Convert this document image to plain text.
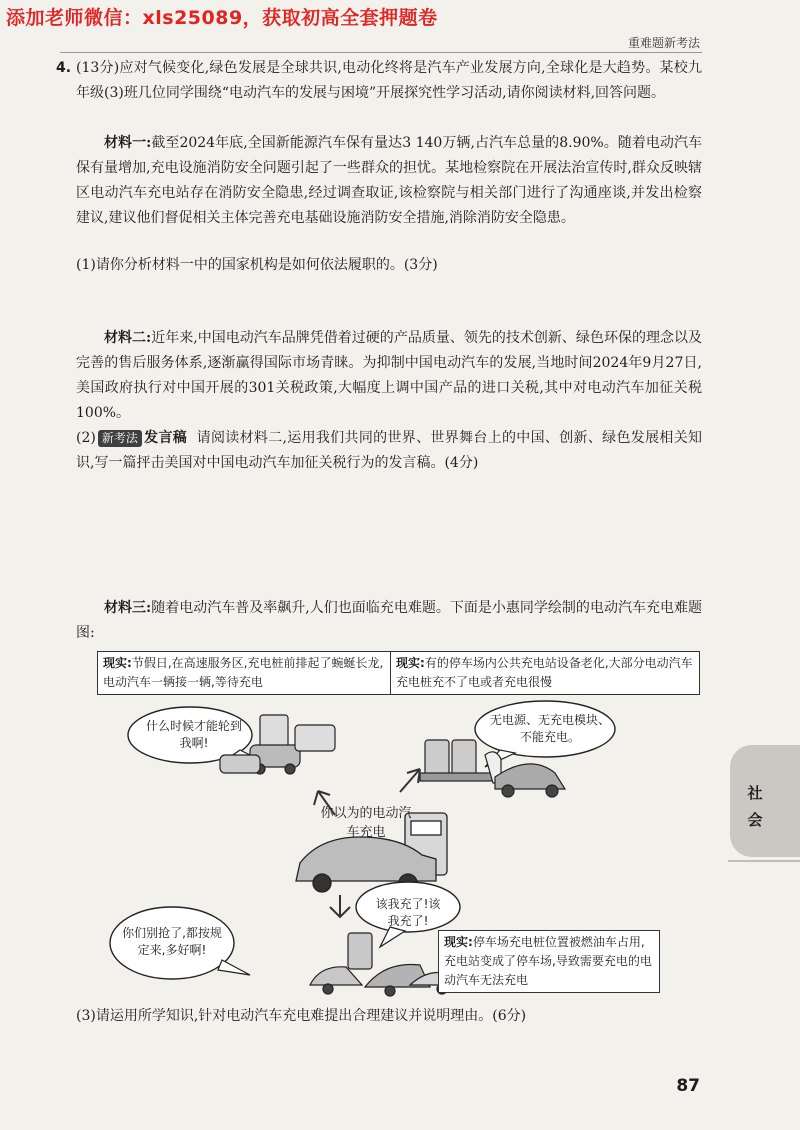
添加老师微信：xls25089，获取初高全套押题卷
重难题新考法

4. (13分)应对气候变化,绿色发展是全球共识,电动化终将是汽车产业发展方向,全球化是大趋势。某校九年级(3)班几位同学围绕“电动汽车的发展与困境”开展探究性学习活动,请你阅读材料,回答问题。

材料一:截至2024年底,全国新能源汽车保有量达3 140万辆,占汽车总量的8.90%。随着电动汽车保有量增加,充电设施消防安全问题引起了一些群众的担忧。某地检察院在开展法治宣传时,群众反映辖区电动汽车充电站存在消防安全隐患,经过调查取证,该检察院与相关部门进行了沟通座谈,并发出检察建议,建议他们督促相关主体完善充电基础设施消防安全措施,消除消防安全隐患。

(1)请你分析材料一中的国家机构是如何依法履职的。(3分)

材料二:近年来,中国电动汽车品牌凭借着过硬的产品质量、领先的技术创新、绿色环保的理念以及完善的售后服务体系,逐渐赢得国际市场青睐。为抑制中国电动汽车的发展,当地时间2024年9月27日,美国政府执行对中国开展的301关税政策,大幅度上调中国产品的进口关税,其中对电动汽车加征关税100%。

(2) 新考法 发言稿 请阅读材料二,运用我们共同的世界、世界舞台上的中国、创新、绿色发展相关知识,写一篇抨击美国对中国电动汽车加征关税行为的发言稿。(4分)

材料三:随着电动汽车普及率飙升,人们也面临充电难题。下面是小惠同学绘制的电动汽车充电难题图:

现实:节假日,在高速服务区,充电桩前排起了蜿蜒长龙,电动汽车一辆接一辆,等待充电
现实:有的停车场内公共充电站设备老化,大部分电动汽车充电桩充不了电或者充电很慢
什么时候才能轮到我啊!
无电源、无充电模块、不能充电。
你以为的电动汽车充电
该我充了!该我充了!
你们别抢了,都按规定来,多好啊!
现实:停车场充电桩位置被燃油车占用,充电站变成了停车场,导致需要充电的电动汽车无法充电

(3)请运用所学知识,针对电动汽车充电难提出合理建议并说明理由。(6分)

社会
87
